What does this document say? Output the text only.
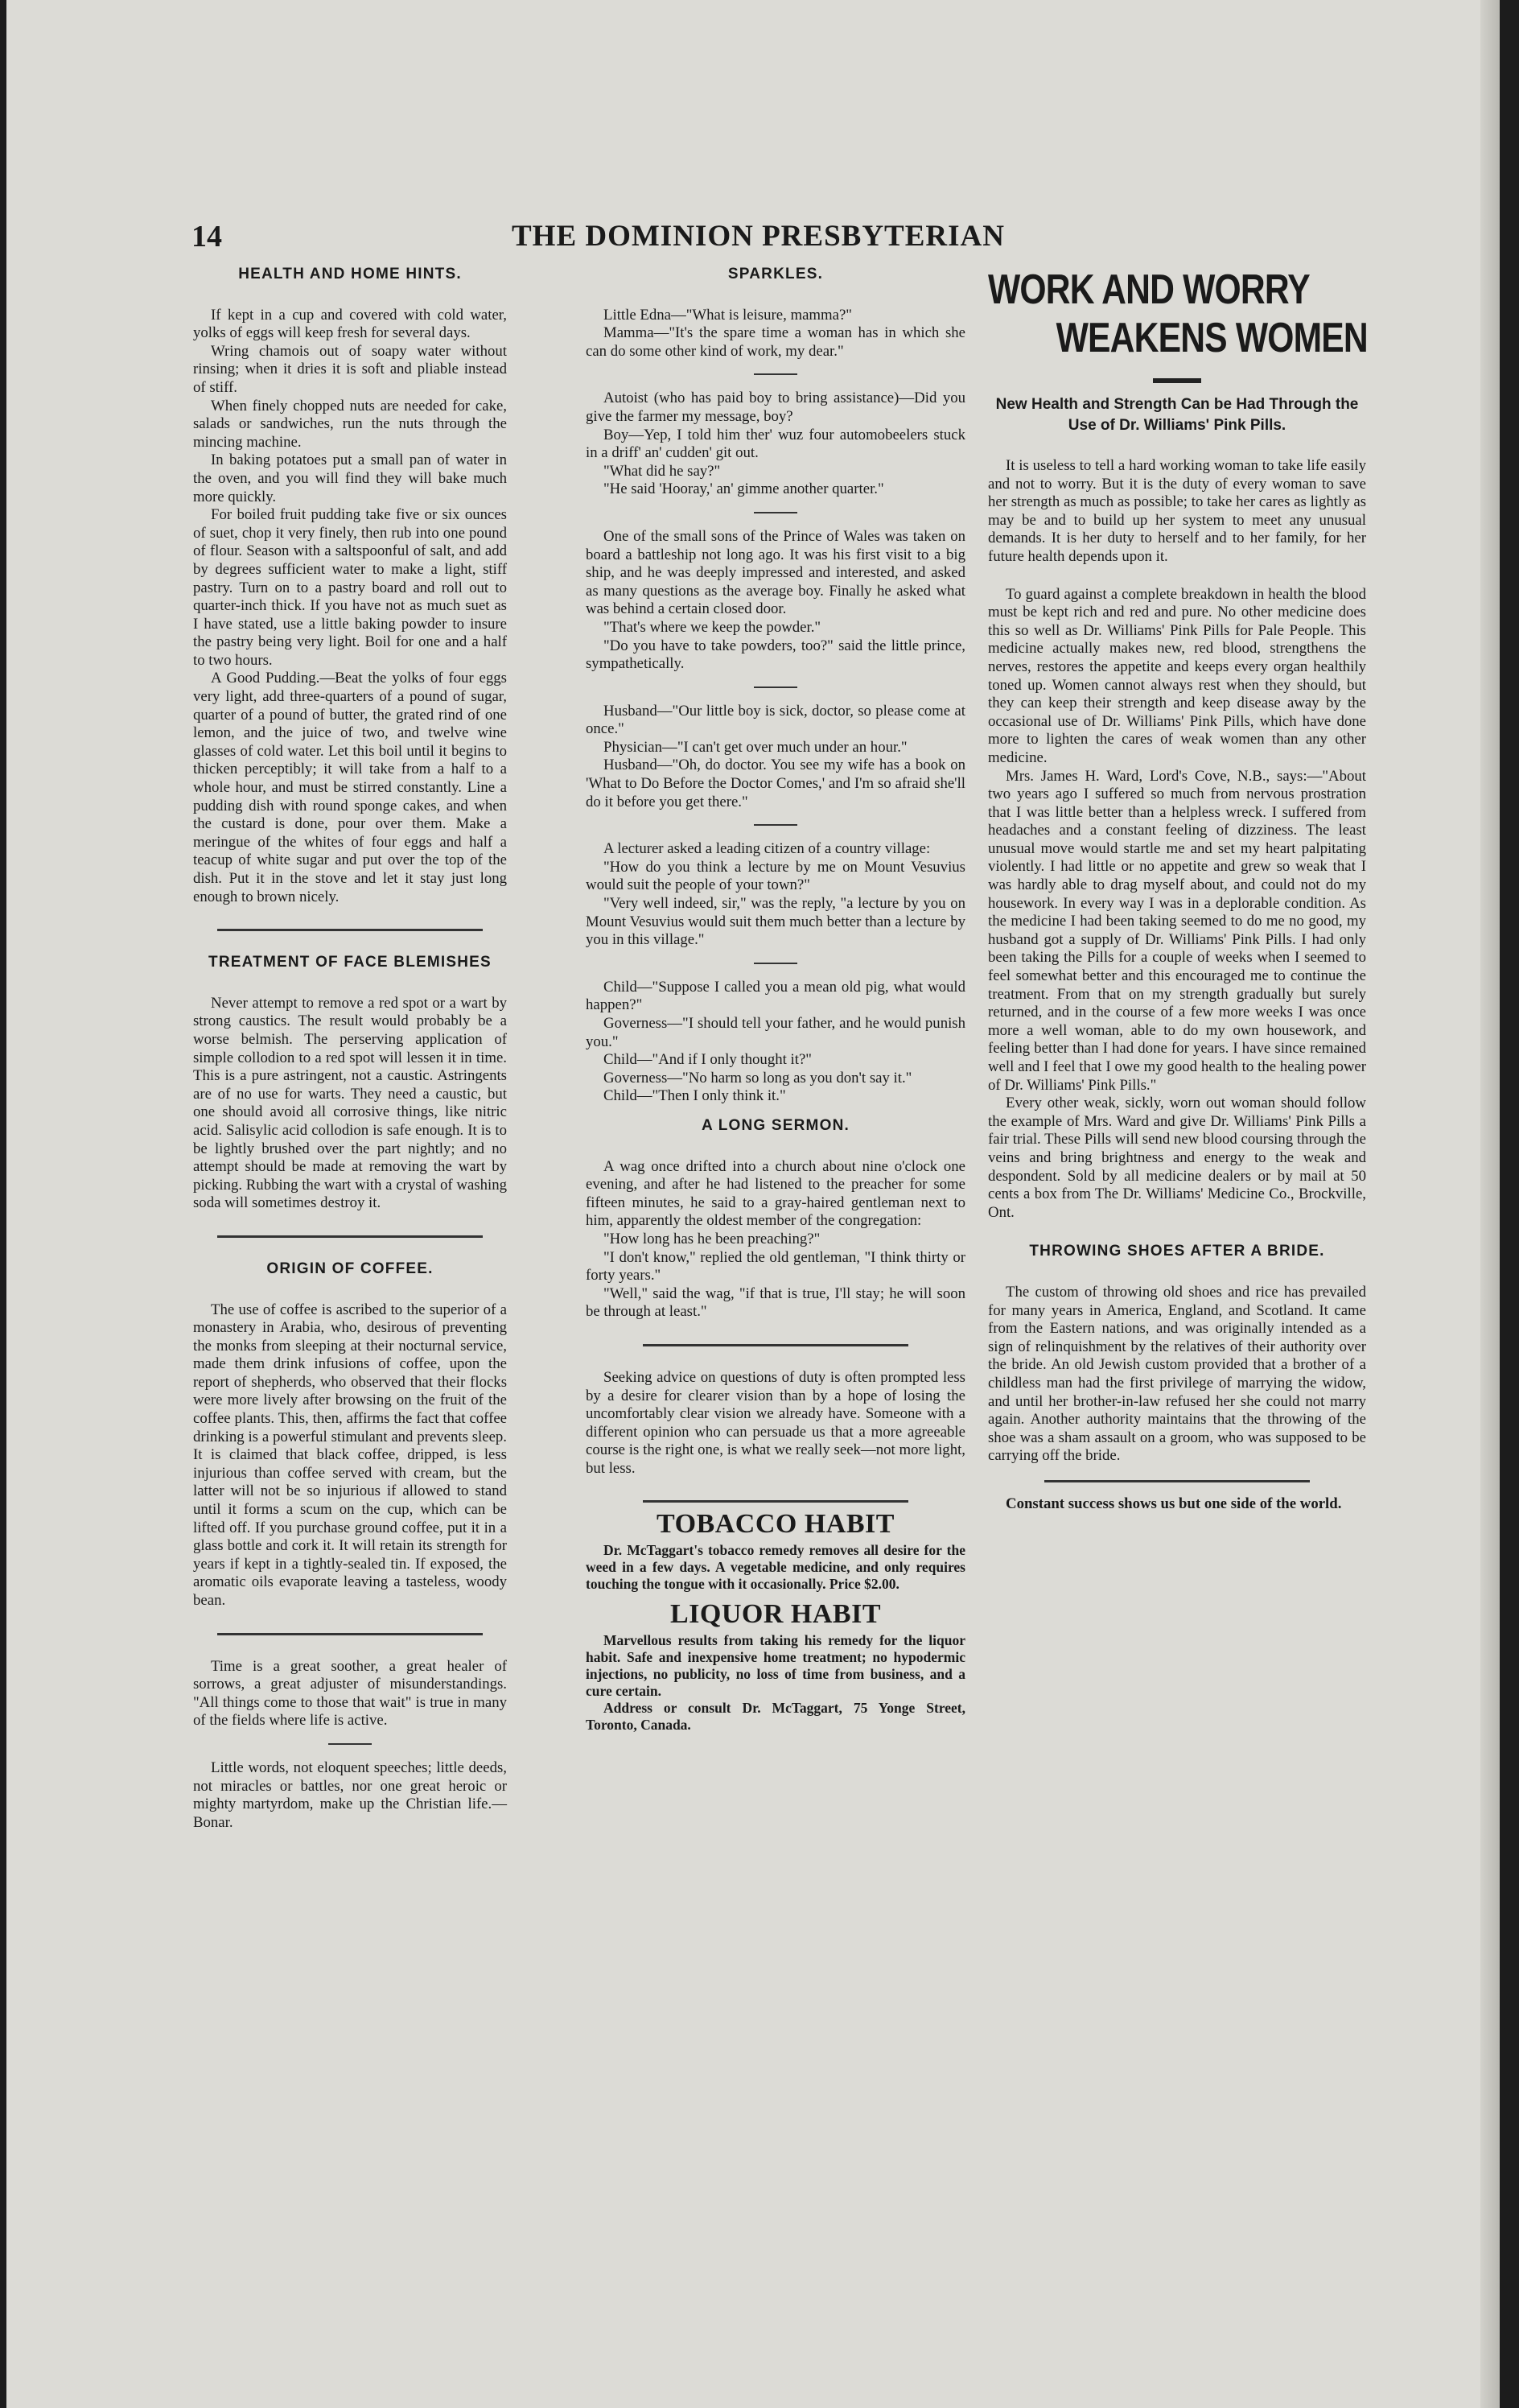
14	THE DOMINION PRESBYTERIAN
HEALTH AND HOME HINTS.

If kept in a cup and covered with cold water, yolks of eggs will keep fresh for several days.

Wring chamois out of soapy water without rinsing; when it dries it is soft and pliable instead of stiff.

When finely chopped nuts are needed for cake, salads or sandwiches, run the nuts through the mincing machine.

In baking potatoes put a small pan of water in the oven, and you will find they will bake much more quickly.

For boiled fruit pudding take five or six ounces of suet, chop it very finely, then rub into one pound of flour. Season with a saltspoonful of salt, and add by degrees sufficient water to make a light, stiff pastry. Turn on to a pastry board and roll out to quarter-inch thick. If you have not as much suet as I have stated, use a little baking powder to insure the pastry being very light. Boil for one and a half to two hours.

A Good Pudding.—Beat the yolks of four eggs very light, add three-quarters of a pound of sugar, quarter of a pound of butter, the grated rind of one lemon, and the juice of two, and twelve wine glasses of cold water. Let this boil until it begins to thicken perceptibly; it will take from a half to a whole hour, and must be stirred constantly. Line a pudding dish with round sponge cakes, and when the custard is done, pour over them. Make a meringue of the whites of four eggs and half a teacup of white sugar and put over the top of the dish. Put it in the stove and let it stay just long enough to brown nicely.

TREATMENT OF FACE BLEMISHES

Never attempt to remove a red spot or a wart by strong caustics. The result would probably be a worse belmish. The perserving application of simple collodion to a red spot will lessen it in time. This is a pure astringent, not a caustic. Astringents are of no use for warts. They need a caustic, but one should avoid all corrosive things, like nitric acid. Salisylic acid collodion is safe enough. It is to be lightly brushed over the part nightly; and no attempt should be made at removing the wart by picking. Rubbing the wart with a crystal of washing soda will sometimes destroy it.

ORIGIN OF COFFEE.

The use of coffee is ascribed to the superior of a monastery in Arabia, who, desirous of preventing the monks from sleeping at their nocturnal service, made them drink infusions of coffee, upon the report of shepherds, who observed that their flocks were more lively after browsing on the fruit of the coffee plants. This, then, affirms the fact that coffee drinking is a powerful stimulant and prevents sleep. It is claimed that black coffee, dripped, is less injurious than coffee served with cream, but the latter will not be so injurious if allowed to stand until it forms a scum on the cup, which can be lifted off. If you purchase ground coffee, put it in a glass bottle and cork it. It will retain its strength for years if kept in a tightly-sealed tin. If exposed, the aromatic oils evaporate leaving a tasteless, woody bean.

Time is a great soother, a great healer of sorrows, a great adjuster of misunderstandings. "All things come to those that wait" is true in many of the fields where life is active.

Little words, not eloquent speeches; little deeds, not miracles or battles, nor one great heroic or mighty martyrdom, make up the Christian life.—Bonar.

SPARKLES.

Little Edna—"What is leisure, mamma?"

Mamma—"It's the spare time a woman has in which she can do some other kind of work, my dear."

Autoist (who has paid boy to bring assistance)—Did you give the farmer my message, boy?

Boy—Yep, I told him ther' wuz four automobeelers stuck in a driff' an' cudden' git out.

"What did he say?"

"He said 'Hooray,' an' gimme another quarter."

One of the small sons of the Prince of Wales was taken on board a battleship not long ago. It was his first visit to a big ship, and he was deeply impressed and interested, and asked as many questions as the average boy. Finally he asked what was behind a certain closed door.

"That's where we keep the powder."

"Do you have to take powders, too?" said the little prince, sympathetically.

Husband—"Our little boy is sick, doctor, so please come at once."

Physician—"I can't get over much under an hour."

Husband—"Oh, do doctor. You see my wife has a book on 'What to Do Before the Doctor Comes,' and I'm so afraid she'll do it before you get there."

A lecturer asked a leading citizen of a country village:

"How do you think a lecture by me on Mount Vesuvius would suit the people of your town?"

"Very well indeed, sir," was the reply, "a lecture by you on Mount Vesuvius would suit them much better than a lecture by you in this village."

Child—"Suppose I called you a mean old pig, what would happen?"

Governess—"I should tell your father, and he would punish you."

Child—"And if I only thought it?"

Governess—"No harm so long as you don't say it."

Child—"Then I only think it."

A LONG SERMON.

A wag once drifted into a church about nine o'clock one evening, and after he had listened to the preacher for some fifteen minutes, he said to a gray-haired gentleman next to him, apparently the oldest member of the congregation:

"How long has he been preaching?"

"I don't know," replied the old gentleman, "I think thirty or forty years."

"Well," said the wag, "if that is true, I'll stay; he will soon be through at least."

Seeking advice on questions of duty is often prompted less by a desire for clearer vision than by a hope of losing the uncomfortably clear vision we already have. Someone with a different opinion who can persuade us that a more agreeable course is the right one, is what we really seek—not more light, but less.

TOBACCO HABIT

Dr. McTaggart's tobacco remedy removes all desire for the weed in a few days. A vegetable medicine, and only requires touching the tongue with it occasionally. Price $2.00.

LIQUOR HABIT

Marvellous results from taking his remedy for the liquor habit. Safe and inexpensive home treatment; no hypodermic injections, no publicity, no loss of time from business, and a cure certain.

Address or consult Dr. McTaggart, 75 Yonge Street, Toronto, Canada.

WORK AND WORRY
WEAKENS WOMEN
New Health and Strength Can be Had Through the Use of Dr. Williams' Pink Pills.

It is useless to tell a hard working woman to take life easily and not to worry. But it is the duty of every woman to save her strength as much as possible; to take her cares as lightly as may be and to build up her system to meet any unusual demands. It is her duty to herself and to her family, for her future health depends upon it.

To guard against a complete breakdown in health the blood must be kept rich and red and pure. No other medicine does this so well as Dr. Williams' Pink Pills for Pale People. This medicine actually makes new, red blood, strengthens the nerves, restores the appetite and keeps every organ healthily toned up. Women cannot always rest when they should, but they can keep their strength and keep disease away by the occasional use of Dr. Williams' Pink Pills, which have done more to lighten the cares of weak women than any other medicine.

Mrs. James H. Ward, Lord's Cove, N.B., says:—"About two years ago I suffered so much from nervous prostration that I was little better than a helpless wreck. I suffered from headaches and a constant feeling of dizziness. The least unusual move would startle me and set my heart palpitating violently. I had little or no appetite and grew so weak that I was hardly able to drag myself about, and could not do my housework. In every way I was in a deplorable condition. As the medicine I had been taking seemed to do me no good, my husband got a supply of Dr. Williams' Pink Pills. I had only been taking the Pills for a couple of weeks when I seemed to feel somewhat better and this encouraged me to continue the treatment. From that on my strength gradually but surely returned, and in the course of a few more weeks I was once more a well woman, able to do my own housework, and feeling better than I had done for years. I have since remained well and I feel that I owe my good health to the healing power of Dr. Williams' Pink Pills."

Every other weak, sickly, worn out woman should follow the example of Mrs. Ward and give Dr. Williams' Pink Pills a fair trial. These Pills will send new blood coursing through the veins and bring brightness and energy to the weak and despondent. Sold by all medicine dealers or by mail at 50 cents a box from The Dr. Williams' Medicine Co., Brockville, Ont.

THROWING SHOES AFTER A BRIDE.

The custom of throwing old shoes and rice has prevailed for many years in America, England, and Scotland. It came from the Eastern nations, and was originally intended as a sign of relinquishment by the relatives of their authority over the bride. An old Jewish custom provided that a brother of a childless man had the first privilege of marrying the widow, and until her brother-in-law refused her she could not marry again. Another authority maintains that the throwing of the shoe was a sham assault on a groom, who was supposed to be carrying off the bride.

Constant success shows us but one side of the world.
